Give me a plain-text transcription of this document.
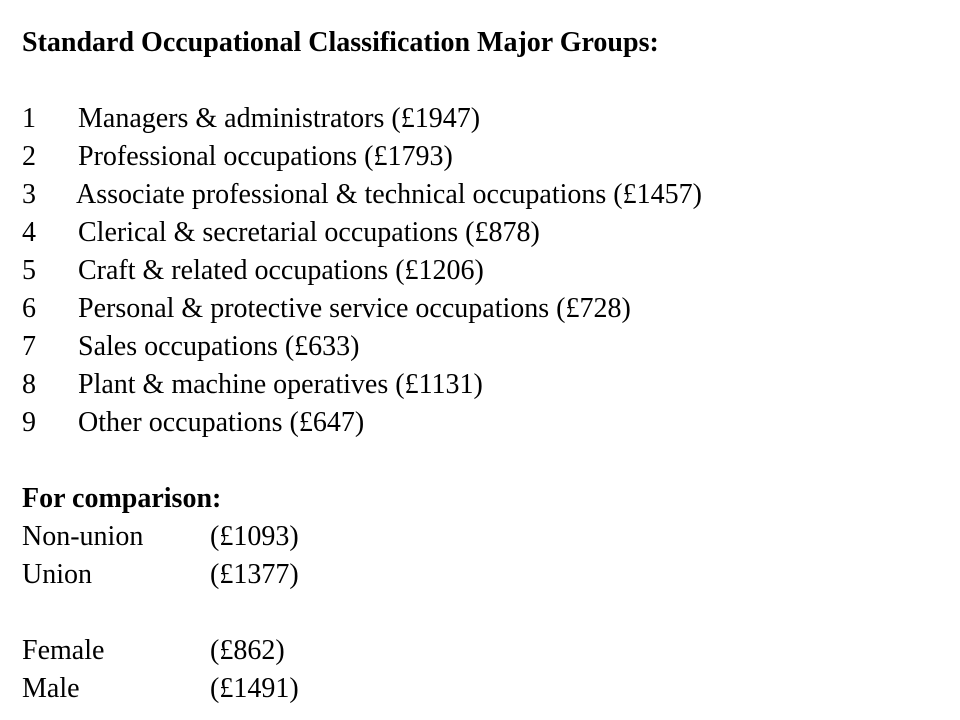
Standard Occupational Classification Major Groups:
1 Managers & administrators (£1947)
2 Professional occupations (£1793)
3 Associate professional & technical occupations (£1457)
4 Clerical & secretarial occupations (£878)
5 Craft & related occupations (£1206)
6 Personal & protective service occupations (£728)
7 Sales occupations (£633)
8 Plant & machine operatives (£1131)
9 Other occupations (£647)
For comparison:
Non-union (£1093)
Union	(£1377)
Female	(£862)
Male	(£1491)
